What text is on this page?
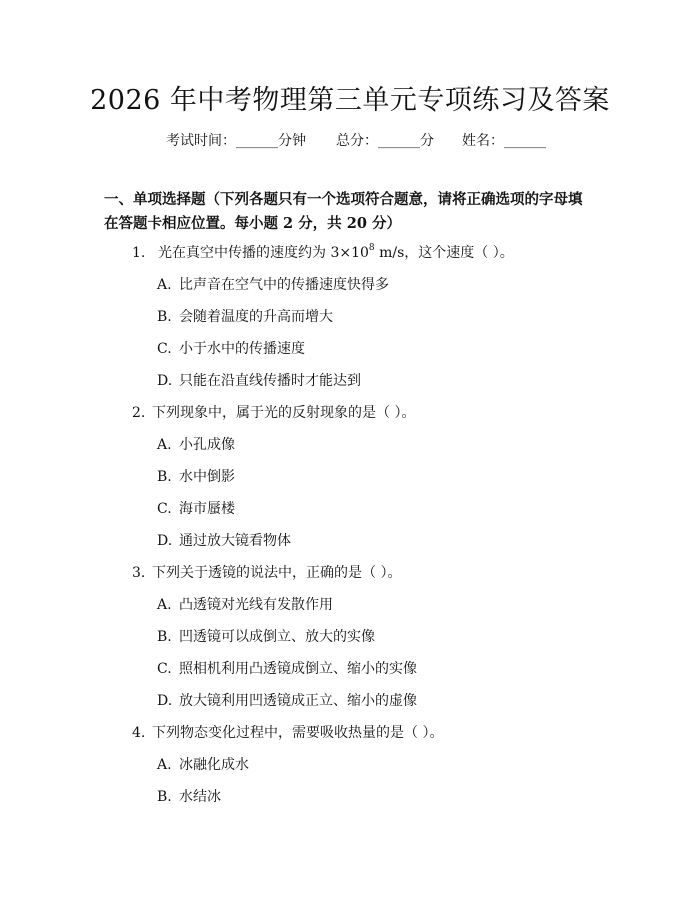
2026 年中考物理第三单元专项练习及答案
考试时间：______分钟 总分：______分 姓名：______
一、单项选择题（下列各题只有一个选项符合题意，请将正确选项的字母填在答题卡相应位置。每小题 2 分，共 20 分）
1. 光在真空中传播的速度约为 $3\times 10^8$ m/s，这个速度（ ）。
A. 比声音在空气中的传播速度快得多
B. 会随着温度的升高而增大
C. 小于水中的传播速度
D. 只能在沿直线传播时才能达到
2. 下列现象中，属于光的反射现象的是（ ）。
A. 小孔成像
B. 水中倒影
C. 海市蜃楼
D. 通过放大镜看物体
3. 下列关于透镜的说法中，正确的是（ ）。
A. 凸透镜对光线有发散作用
B. 凹透镜可以成倒立、放大的实像
C. 照相机利用凸透镜成倒立、缩小的实像
D. 放大镜利用凹透镜成正立、缩小的虚像
4. 下列物态变化过程中，需要吸收热量的是（ ）。
A. 冰融化成水
B. 水结冰
